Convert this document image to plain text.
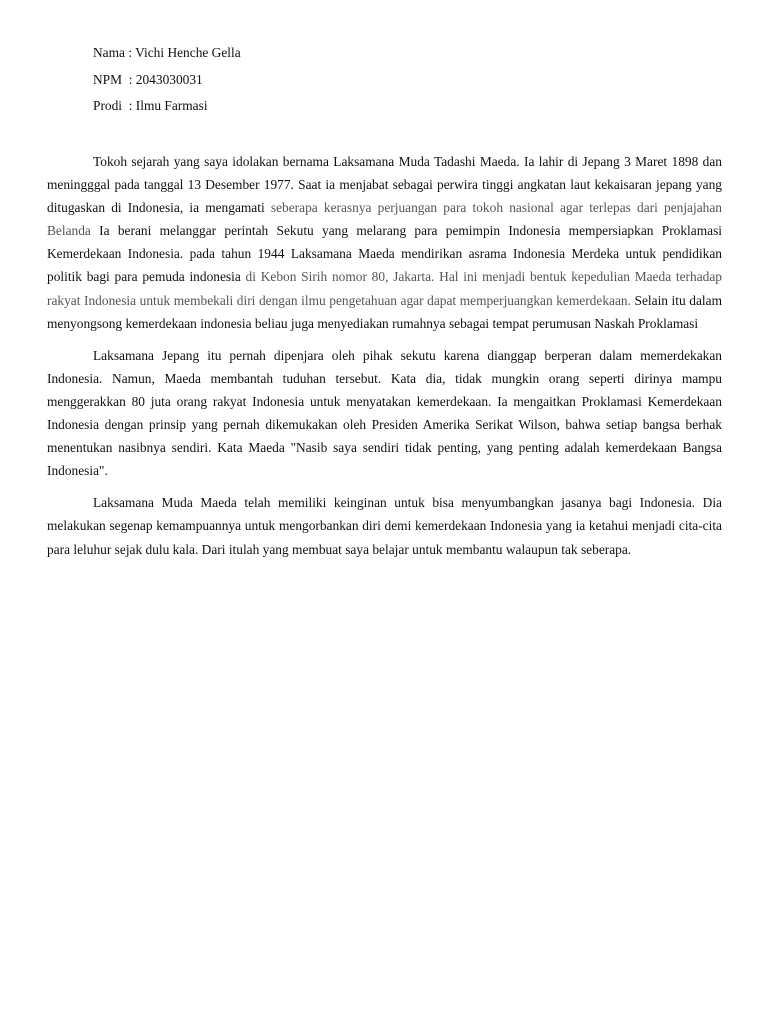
Nama : Vichi Henche Gella
NPM  : 2043030031
Prodi  : Ilmu Farmasi

Tokoh sejarah yang saya idolakan bernama Laksamana Muda Tadashi Maeda. Ia lahir di Jepang 3 Maret 1898 dan meningggal pada tanggal 13 Desember 1977. Saat ia menjabat sebagai perwira tinggi angkatan laut kekaisaran jepang yang ditugaskan di Indonesia, ia mengamati seberapa kerasnya perjuangan para tokoh nasional agar terlepas dari penjajahan Belanda Ia berani melanggar perintah Sekutu yang melarang para pemimpin Indonesia mempersiapkan Proklamasi Kemerdekaan Indonesia. pada tahun 1944 Laksamana Maeda mendirikan asrama Indonesia Merdeka untuk pendidikan politik bagi para pemuda indonesia di Kebon Sirih nomor 80, Jakarta. Hal ini menjadi bentuk kepedulian Maeda terhadap rakyat Indonesia untuk membekali diri dengan ilmu pengetahuan agar dapat memperjuangkan kemerdekaan. Selain itu dalam menyongsong kemerdekaan indonesia beliau juga menyediakan rumahnya sebagai tempat perumusan Naskah Proklamasi

Laksamana Jepang itu pernah dipenjara oleh pihak sekutu karena dianggap berperan dalam memerdekakan Indonesia. Namun, Maeda membantah tuduhan tersebut. Kata dia, tidak mungkin orang seperti dirinya mampu menggerakkan 80 juta orang rakyat Indonesia untuk menyatakan kemerdekaan. Ia mengaitkan Proklamasi Kemerdekaan Indonesia dengan prinsip yang pernah dikemukakan oleh Presiden Amerika Serikat Wilson, bahwa setiap bangsa berhak menentukan nasibnya sendiri. Kata Maeda "Nasib saya sendiri tidak penting, yang penting adalah kemerdekaan Bangsa Indonesia".

Laksamana Muda Maeda telah memiliki keinginan untuk bisa menyumbangkan jasanya bagi Indonesia. Dia melakukan segenap kemampuannya untuk mengorbankan diri demi kemerdekaan Indonesia yang ia ketahui menjadi cita-cita para leluhur sejak dulu kala. Dari itulah yang membuat saya belajar untuk membantu walaupun tak seberapa.
